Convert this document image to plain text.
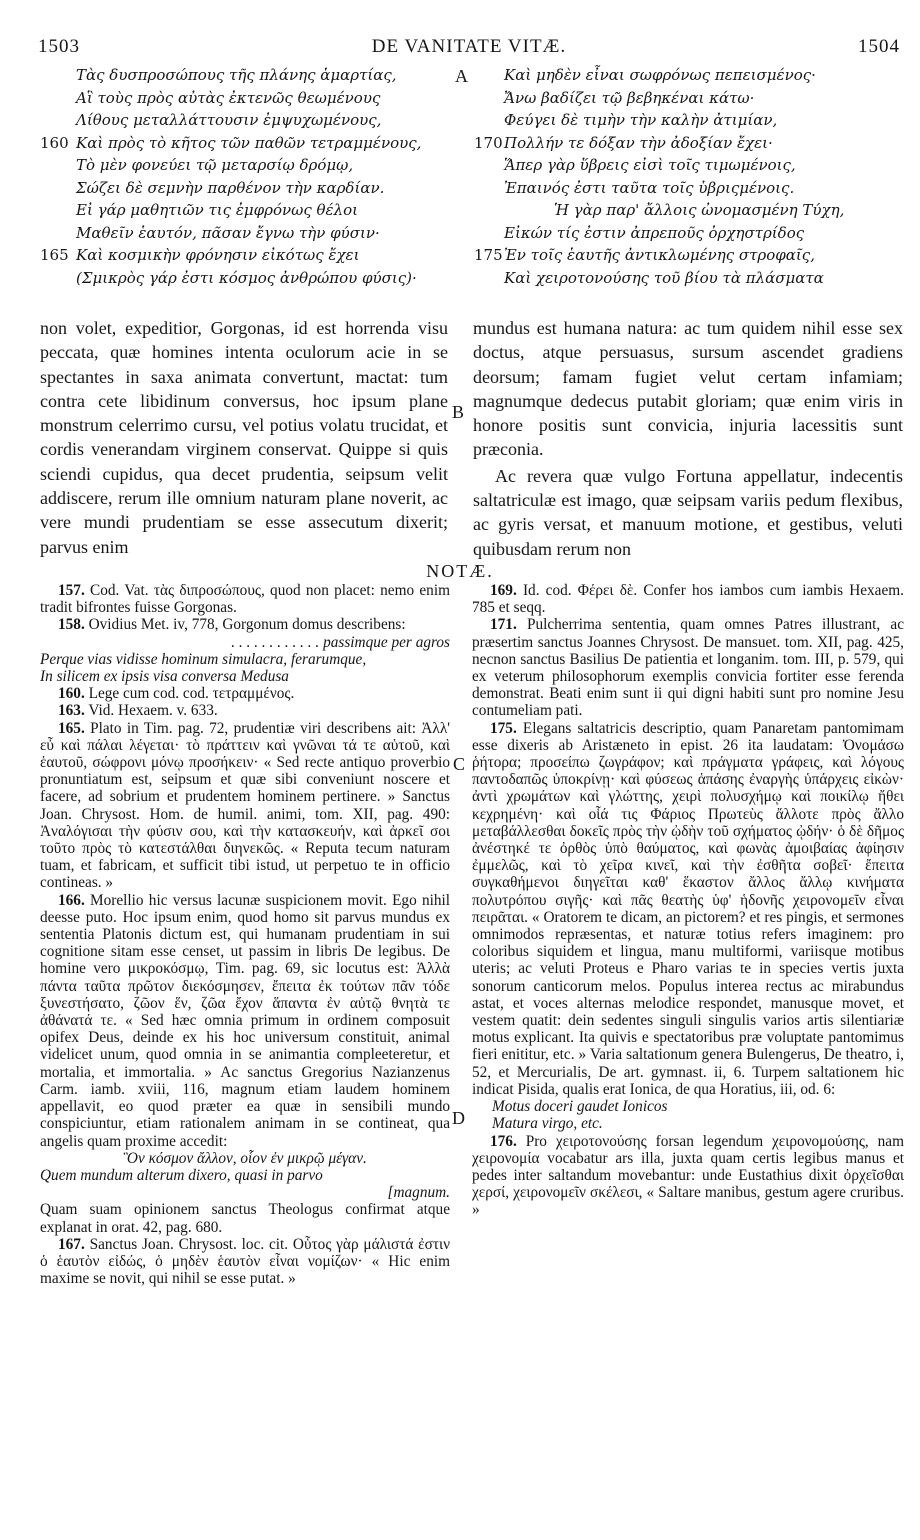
1503	DE VANITATE VITÆ.	1504
Τὰς δυσπροσώπους τῆς πλάνης ἁμαρτίας,
Αἳ τοὺς πρὸς αὐτὰς ἐκτενῶς θεωμένους
Λίθους μεταλλάττουσιν ἐμψυχωμένους,
160 Καὶ πρὸς τὸ κῆτος τῶν παθῶν τετραμμένους,
Τὸ μὲν φονεύει τῷ μεταρσίῳ δρόμῳ,
Σώζει δὲ σεμνὴν παρθένον τὴν καρδίαν.
Εἰ γάρ μαθητιῶν τις ἐμφρόνως θέλοι
Μαθεῖν ἑαυτόν, πᾶσαν ἔγνω τὴν φύσιν·
165 Καὶ κοσμικὴν φρόνησιν εἰκότως ἔχει
(Σμικρὸς γάρ ἐστι κόσμος ἀνθρώπου φύσις)·
Καὶ μηδὲν εἶναι σωφρόνως πεπεισμένος·
Ἄνω βαδίζει τῷ βεβηκέναι κάτω·
Φεύγει δὲ τιμὴν τὴν καλὴν ἀτιμίαν,
170 Πολλήν τε δόξαν τὴν ἀδοξίαν ἔχει·
Ἅπερ γὰρ ὕβρεις εἰσὶ τοῖς τιμωμένοις,
Ἐπαινός ἐστι ταῦτα τοῖς ὑβριςμένοις.
Ἡ γὰρ παρ' ἄλλοις ὠνομασμένη Τύχη,
Εἰκών τίς ἐστιν ἀπρεποῦς ὀρχηστρίδος
175 Ἐν τοῖς ἑαυτῆς ἀντικλωμένης στροφαῖς,
Καὶ χειροτονούσης τοῦ βίου τὰ πλάσματα
A
B
C
D

non volet, expeditior, Gorgonas, id est horrenda visu peccata, quæ homines intenta oculorum acie in se spectantes in saxa animata convertunt, mactat: tum contra cete libidinum conversus, hoc ipsum plane monstrum celerrimo cursu, vel potius volatu trucidat, et cordis venerandam virginem conservat. Quippe si quis sciendi cupidus, qua decet prudentia, seipsum velit addiscere, rerum ille omnium naturam plane noverit, ac vere mundi prudentiam se esse assecutum dixerit; parvus enim

mundus est humana natura: ac tum quidem nihil esse sex doctus, atque persuasus, sursum ascendet gradiens deorsum; famam fugiet velut certam infamiam; magnumque dedecus putabit gloriam; quæ enim viris in honore positis sunt convicia, injuria lacessitis sunt præconia.

Ac revera quæ vulgo Fortuna appellatur, indecentis saltatriculæ est imago, quæ seipsam variis pedum flexibus, ac gyris versat, et manuum motione, et gestibus, veluti quibusdam rerum non

NOTÆ.

157. Cod. Vat. τὰς διπροσώπους, quod non placet: nemo enim tradit bifrontes fuisse Gorgonas.

158. Ovidius Met. iv, 778, Gorgonum domus describens:

. . . . . . . . . . . . passimque per agros

Perque vias vidisse hominum simulacra, ferarumque,

In silicem ex ipsis visa conversa Medusa

160. Lege cum cod. cod. τετραμμένος.

163. Vid. Hexaem. v. 633.

165. Plato in Tim. pag. 72, prudentiæ viri describens ait: Ἀλλ' εὖ καὶ πάλαι λέγεται· τὸ πράττειν καὶ γνῶναι τά τε αὑτοῦ, καὶ ἑαυτοῦ, σώφρονι μόνῳ προσήκειν· « Sed recte antiquo proverbio pronuntiatum est, seipsum et quæ sibi conveniunt noscere et facere, ad sobrium et prudentem hominem pertinere. » Sanctus Joan. Chrysost. Hom. de humil. animi, tom. XII, pag. 490: Ἀναλόγισαι τὴν φύσιν σου, καὶ τὴν κατασκευήν, καὶ ἀρκεῖ σοι τοῦτο πρὸς τὸ κατεστάλθαι διηνεκῶς. « Reputa tecum naturam tuam, et fabricam, et sufficit tibi istud, ut perpetuo te in officio contineas. »

166. Morellio hic versus lacunæ suspicionem movit. Ego nihil deesse puto. Hoc ipsum enim, quod homo sit parvus mundus ex sententia Platonis dictum est, qui humanam prudentiam in sui cognitione sitam esse censet, ut passim in libris De legibus. De homine vero μικροκόσμῳ, Tim. pag. 69, sic locutus est: Ἀλλὰ πάντα ταῦτα πρῶτον διεκόσμησεν, ἔπειτα ἐκ τούτων πᾶν τόδε ξυνεστήσατο, ζῶον ἕν, ζῶα ἔχον ἅπαντα ἐν αὐτῷ θνητὰ τε ἀθάνατά τε. « Sed hæc omnia primum in ordinem composuit opifex Deus, deinde ex his hoc universum constituit, animal videlicet unum, quod omnia in se animantia compleeteretur, et mortalia, et immortalia. » Ac sanctus Gregorius Nazianzenus Carm. iamb. xviii, 116, magnum etiam laudem hominem appellavit, eo quod præter ea quæ in sensibili mundo conspiciuntur, etiam rationalem animam in se contineat, qua angelis quam proxime accedit:

Ὃν κόσμον ἄλλον, οἷον ἐν μικρῷ μέγαν.

Quem mundum alterum dixero, quasi in parvo

[magnum.

Quam suam opinionem sanctus Theologus confirmat atque explanat in orat. 42, pag. 680.

167. Sanctus Joan. Chrysost. loc. cit. Οὗτος γὰρ μάλιστά ἐστιν ὁ ἑαυτὸν εἰδώς, ὁ μηδὲν ἑαυτὸν εἶναι νομίζων· « Hic enim maxime se novit, qui nihil se esse putat. »

169. Id. cod. Φέρει δὲ. Confer hos iambos cum iambis Hexaem. 785 et seqq.

171. Pulcherrima sententia, quam omnes Patres illustrant, ac præsertim sanctus Joannes Chrysost. De mansuet. tom. XII, pag. 425, necnon sanctus Basilius De patientia et longanim. tom. III, p. 579, qui ex veterum philosophorum exemplis convicia fortiter esse ferenda demonstrat. Beati enim sunt ii qui digni habiti sunt pro nomine Jesu contumeliam pati.

175. Elegans saltatricis descriptio, quam Panaretam pantomimam esse dixeris ab Aristæneto in epist. 26 ita laudatam: Ὀνομάσω ῥήτορα; προσείπω ζωγράφον; καὶ πράγματα γράφεις, καὶ λόγους παντοδαπῶς ὑποκρίνῃ· καὶ φύσεως ἁπάσης ἐναργὴς ὑπάρχεις εἰκὼν· ἀντὶ χρωμάτων καὶ γλώττης, χειρὶ πολυσχήμῳ καὶ ποικίλῳ ἤθει κεχρημένη· καὶ οἷά τις Φάριος Πρωτεὺς ἄλλοτε πρὸς ἄλλο μεταβάλλεσθαι δοκεῖς πρὸς τὴν ᾠδὴν τοῦ σχήματος ᾠδήν· ὁ δὲ δῆμος ἀνέστηκέ τε ὀρθὸς ὑπὸ θαύματος, καὶ φωνὰς ἀμοιβαίας ἀφίησιν ἐμμελῶς, καὶ τὸ χεῖρα κινεῖ, καὶ τὴν ἐσθῆτα σοβεῖ· ἔπειτα συγκαθήμενοι διηγεῖται καθ' ἕκαστον ἄλλος ἄλλῳ κινήματα πολυτρόπου σιγῆς· καὶ πᾶς θεατὴς ὑφ' ἡδονῆς χειρονομεῖν εἶναι πειρᾶται. « Oratorem te dicam, an pictorem? et res pingis, et sermones omnimodos repræsentas, et naturæ totius refers imaginem: pro coloribus siquidem et lingua, manu multiformi, variisque motibus uteris; ac veluti Proteus e Pharo varias te in species vertis juxta sonorum canticorum melos. Populus interea rectus ac mirabundus astat, et voces alternas melodice respondet, manusque movet, et vestem quatit: dein sedentes singuli singulis varios artis silentiariæ motus explicant. Ita quivis e spectatoribus præ voluptate pantomimus fieri enititur, etc. » Varia saltationum genera Bulengerus, De theatro, i, 52, et Mercurialis, De art. gymnast. ii, 6. Turpem saltationem hic indicat Pisida, qualis erat Ionica, de qua Horatius, iii, od. 6:

Motus doceri gaudet Ionicos

Matura virgo, etc.

176. Pro χειροτονούσης forsan legendum χειρονομούσης, nam χειρονομία vocabatur ars illa, juxta quam certis legibus manus et pedes inter saltandum movebantur: unde Eustathius dixit ὀρχεῖσθαι χερσί, χειρονομεῖν σκέλεσι, « Saltare manibus, gestum agere cruribus. »
